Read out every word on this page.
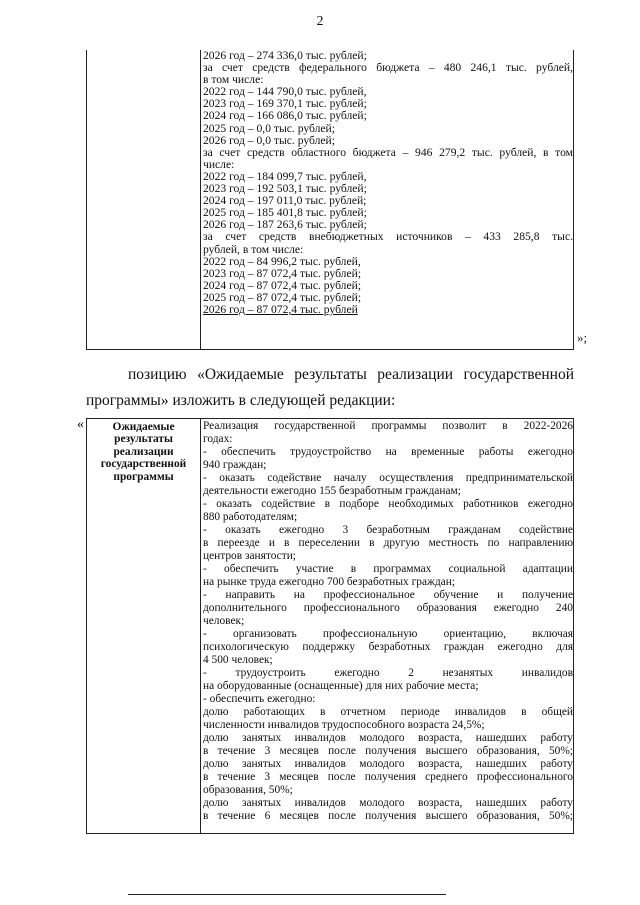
2
2026 год – 274 336,0 тыс. рублей;
за счет средств федерального бюджета – 480 246,1 тыс. рублей,
в том числе:
2022 год – 144 790,0 тыс. рублей,
2023 год – 169 370,1 тыс. рублей;
2024 год – 166 086,0 тыс. рублей;
2025 год – 0,0 тыс. рублей;
2026 год – 0,0 тыс. рублей;
за счет средств областного бюджета – 946 279,2 тыс. рублей, в том
числе:
2022 год – 184 099,7 тыс. рублей,
2023 год – 192 503,1 тыс. рублей;
2024 год – 197 011,0 тыс. рублей;
2025 год – 185 401,8 тыс. рублей;
2026 год – 187 263,6 тыс. рублей;
за счет средств внебюджетных источников – 433 285,8 тыс.
рублей, в том числе:
2022 год – 84 996,2 тыс. рублей,
2023 год – 87 072,4 тыс. рублей;
2024 год – 87 072,4 тыс. рублей;
2025 год – 87 072,4 тыс. рублей;
2026 год – 87 072,4 тыс. рублей
»;
позицию «Ожидаемые результаты реализации государственной
программы» изложить в следующей редакции:
«	Ожидаемые
результаты
реализации
государственной
программы
Реализация государственной программы позволит в 2022-2026
годах:
- обеспечить трудоустройство на временные работы ежегодно
940 граждан;
- оказать содействие началу осуществления предпринимательской
деятельности ежегодно 155 безработным гражданам;
- оказать содействие в подборе необходимых работников ежегодно
880 работодателям;
- оказать ежегодно 3 безработным гражданам содействие
в переезде и в переселении в другую местность по направлению
центров занятости;
- обеспечить участие в программах социальной адаптации
на рынке труда ежегодно 700 безработных граждан;
- направить на профессиональное обучение и получение
дополнительного профессионального образования ежегодно 240
человек;
- организовать профессиональную ориентацию, включая
психологическую поддержку безработных граждан ежегодно для
4 500 человек;
- трудоустроить ежегодно 2 незанятых инвалидов
на оборудованные (оснащенные) для них рабочие места;
- обеспечить ежегодно:
долю работающих в отчетном периоде инвалидов в общей
численности инвалидов трудоспособного возраста 24,5%;
долю занятых инвалидов молодого возраста, нашедших работу
в течение 3 месяцев после получения высшего образования, 50%;
долю занятых инвалидов молодого возраста, нашедших работу
в течение 3 месяцев после получения среднего профессионального
образования, 50%;
долю занятых инвалидов молодого возраста, нашедших работу
в течение 6 месяцев после получения высшего образования, 50%;
